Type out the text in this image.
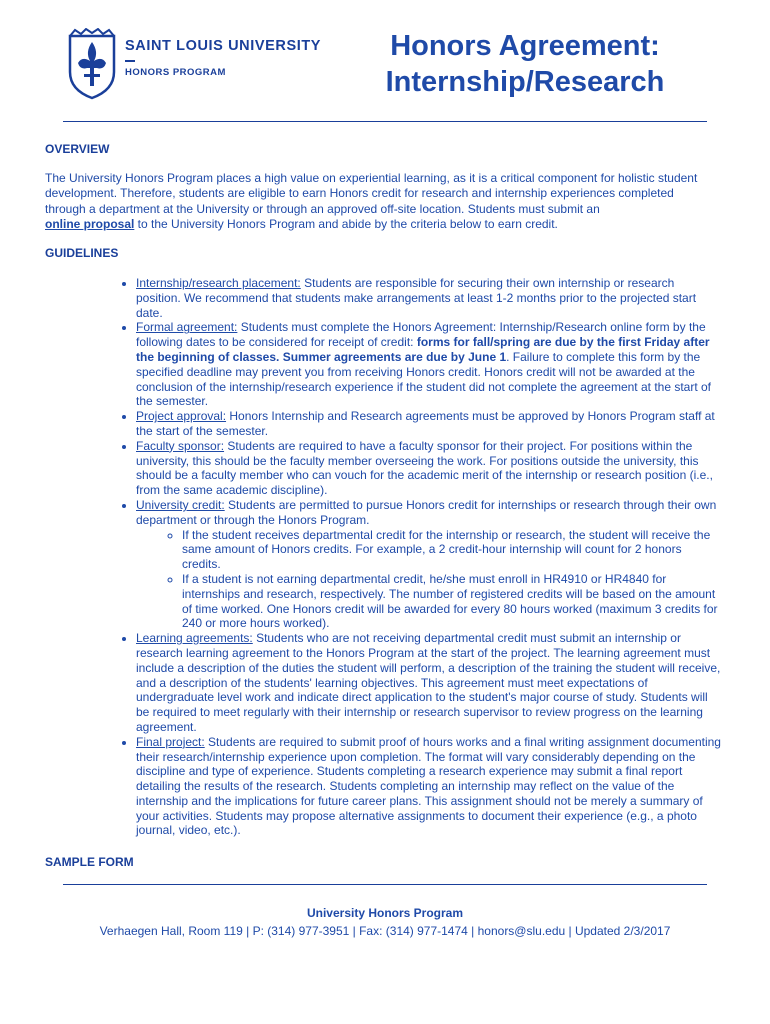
SAINT LOUIS UNIVERSITY
HONORS PROGRAM
Honors Agreement:
Internship/Research
OVERVIEW
The University Honors Program places a high value on experiential learning, as it is a critical component for holistic student development. Therefore, students are eligible to earn Honors credit for research and internship experiences completed through a department at the University or through an approved off-site location. Students must submit an
online proposal to the University Honors Program and abide by the criteria below to earn credit.
GUIDELINES
• Internship/research placement: Students are responsible for securing their own internship or research position. We recommend that students make arrangements at least 1-2 months prior to the projected start date.
• Formal agreement: Students must complete the Honors Agreement: Internship/Research online form by the following dates to be considered for receipt of credit: forms for fall/spring are due by the first Friday after the beginning of classes. Summer agreements are due by June 1. Failure to complete this form by the specified deadline may prevent you from receiving Honors credit. Honors credit will not be awarded at the conclusion of the internship/research experience if the student did not complete the agreement at the start of the semester.
• Project approval: Honors Internship and Research agreements must be approved by Honors Program staff at the start of the semester.
• Faculty sponsor: Students are required to have a faculty sponsor for their project. For positions within the university, this should be the faculty member overseeing the work. For positions outside the university, this should be a faculty member who can vouch for the academic merit of the internship or research position (i.e., from the same academic discipline).
• University credit: Students are permitted to pursue Honors credit for internships or research through their own department or through the Honors Program.
◦ If the student receives departmental credit for the internship or research, the student will receive the same amount of Honors credits. For example, a 2 credit-hour internship will count for 2 honors credits.
◦ If a student is not earning departmental credit, he/she must enroll in HR4910 or HR4840 for internships and research, respectively. The number of registered credits will be based on the amount of time worked. One Honors credit will be awarded for every 80 hours worked (maximum 3 credits for 240 or more hours worked).
• Learning agreements: Students who are not receiving departmental credit must submit an internship or research learning agreement to the Honors Program at the start of the project. The learning agreement must include a description of the duties the student will perform, a description of the training the student will receive, and a description of the students' learning objectives. This agreement must meet expectations of undergraduate level work and indicate direct application to the student's major course of study. Students will be required to meet regularly with their internship or research supervisor to review progress on the learning agreement.
• Final project: Students are required to submit proof of hours works and a final writing assignment documenting their research/internship experience upon completion. The format will vary considerably depending on the discipline and type of experience. Students completing a research experience may submit a final report detailing the results of the research. Students completing an internship may reflect on the value of the internship and the implications for future career plans. This assignment should not be merely a summary of your activities. Students may propose alternative assignments to document their experience (e.g., a photo journal, video, etc.).
SAMPLE FORM
University Honors Program
Verhaegen Hall, Room 119 | P: (314) 977-3951 | Fax: (314) 977-1474 | honors@slu.edu | Updated 2/3/2017
